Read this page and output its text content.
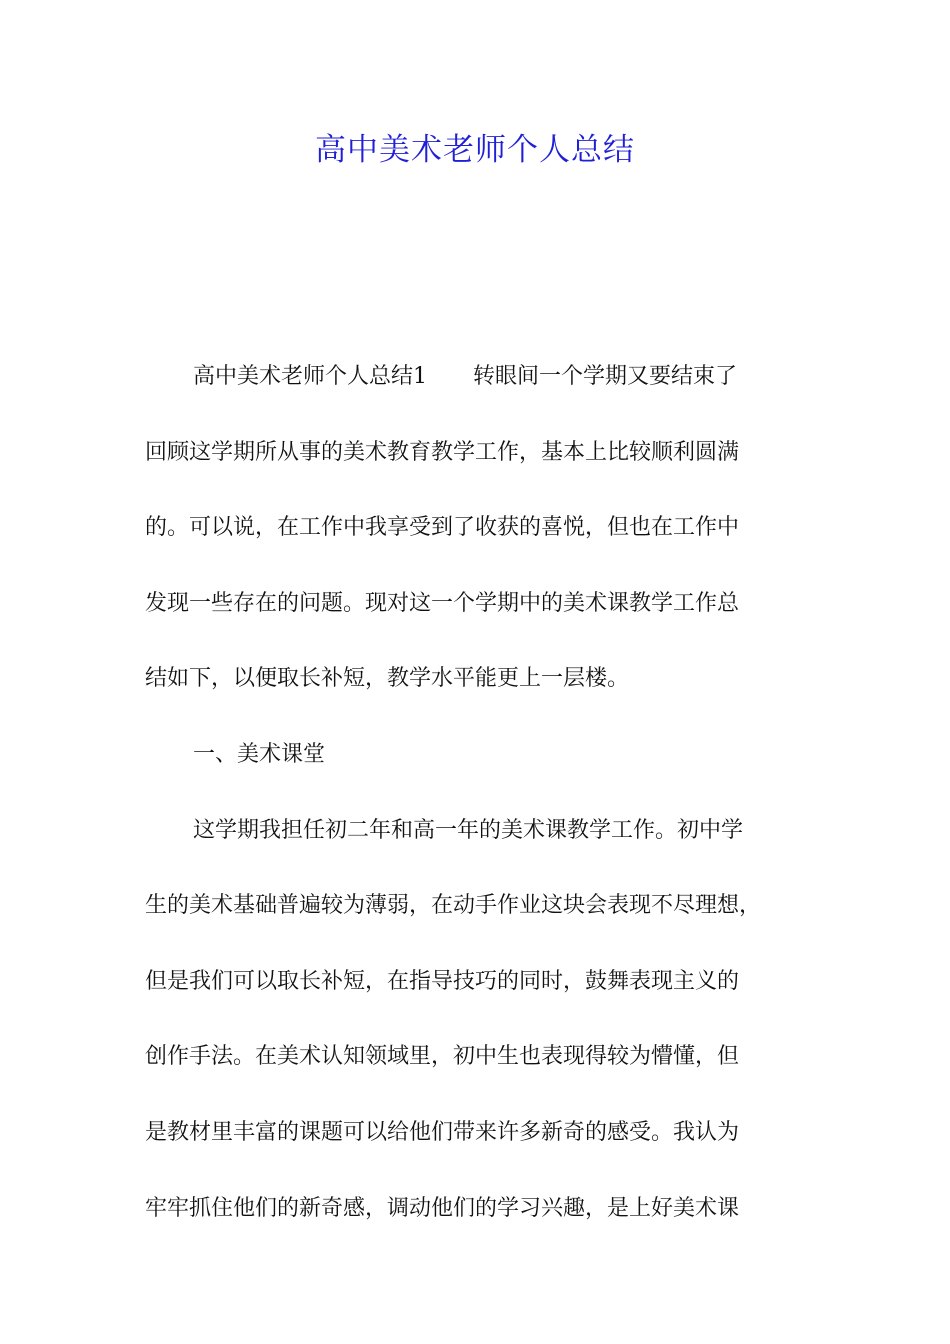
高中美术老师个人总结
高中美术老师个人总结1 转眼间一个学期又要结束了
回顾这学期所从事的美术教育教学工作，基本上比较顺利圆满
的。可以说，在工作中我享受到了收获的喜悦，但也在工作中
发现一些存在的问题。现对这一个学期中的美术课教学工作总
结如下，以便取长补短，教学水平能更上一层楼。
一、美术课堂
这学期我担任初二年和高一年的美术课教学工作。初中学
生的美术基础普遍较为薄弱，在动手作业这块会表现不尽理想，
但是我们可以取长补短，在指导技巧的同时，鼓舞表现主义的
创作手法。在美术认知领域里，初中生也表现得较为懵懂，但
是教材里丰富的课题可以给他们带来许多新奇的感受。我认为
牢牢抓住他们的新奇感，调动他们的学习兴趣，是上好美术课
